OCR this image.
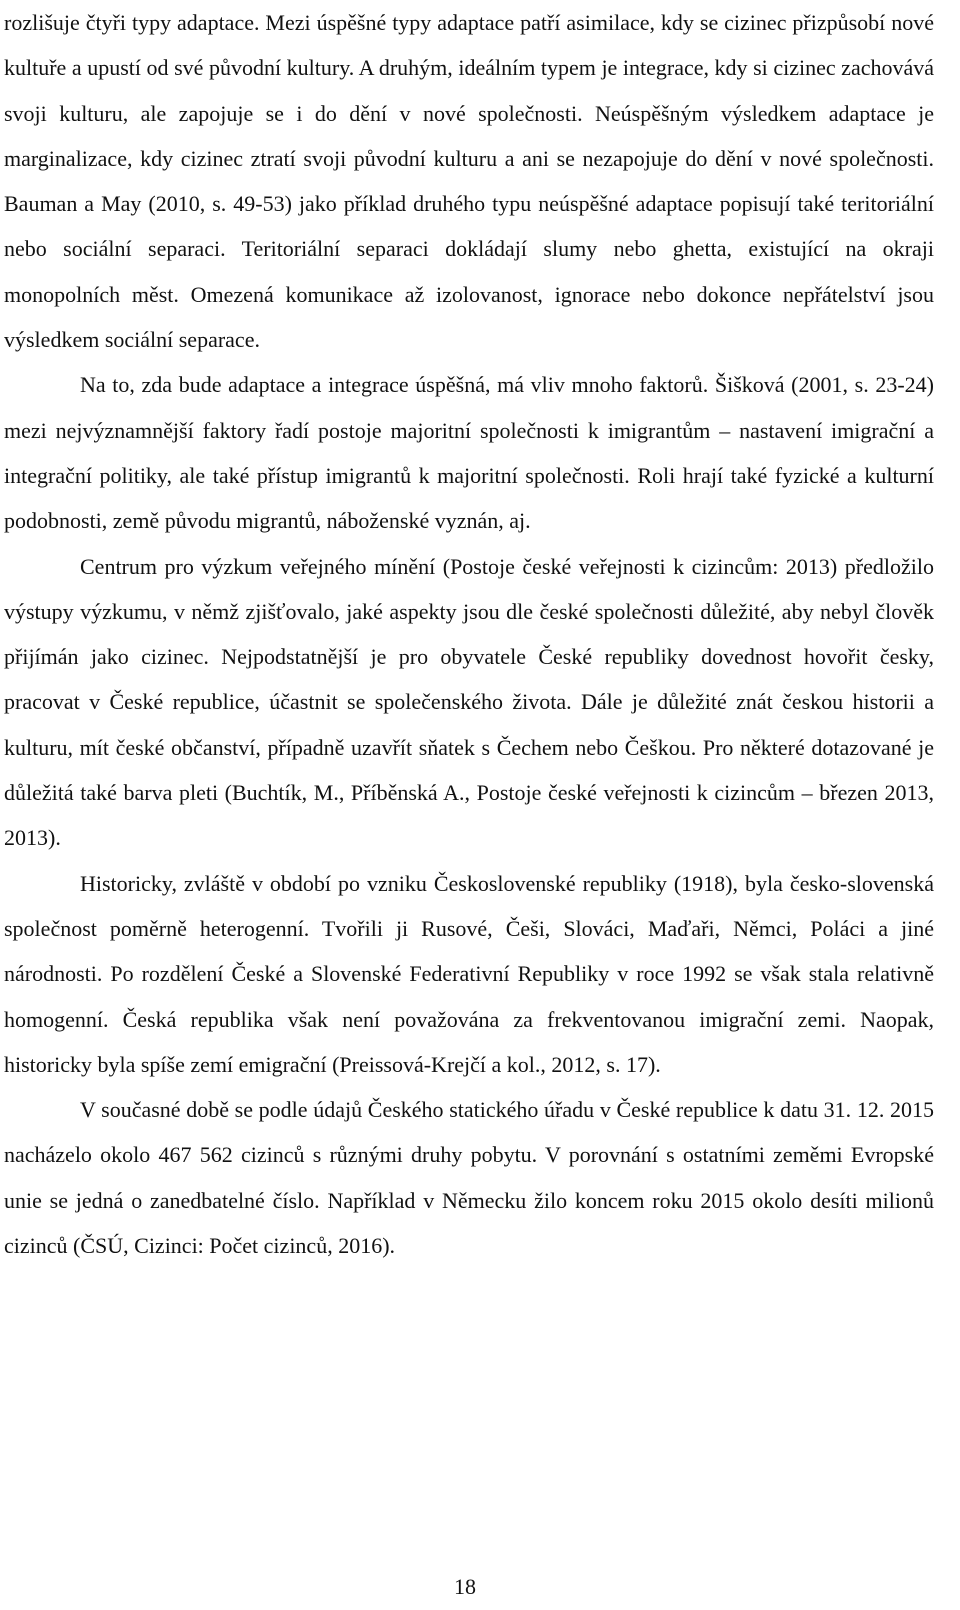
rozlišuje čtyři typy adaptace. Mezi úspěšné typy adaptace patří asimilace, kdy se cizinec přizpůsobí nové kultuře a upustí od své původní kultury. A druhým, ideálním typem je integrace, kdy si cizinec zachovává svoji kulturu, ale zapojuje se i do dění v nové společnosti. Neúspěšným výsledkem adaptace je marginalizace, kdy cizinec ztratí svoji původní kulturu a ani se nezapojuje do dění v nové společnosti. Bauman a May (2010, s. 49-53) jako příklad druhého typu neúspěšné adaptace popisují také teritoriální nebo sociální separaci. Teritoriální separaci dokládají slumy nebo ghetta, existující na okraji monopolních měst. Omezená komunikace až izolovanost, ignorace nebo dokonce nepřátelství jsou výsledkem sociální separace.

Na to, zda bude adaptace a integrace úspěšná, má vliv mnoho faktorů. Šišková (2001, s. 23-24) mezi nejvýznamnější faktory řadí postoje majoritní společnosti k imigrantům – nastavení imigrační a integrační politiky, ale také přístup imigrantů k majoritní společnosti. Roli hrají také fyzické a kulturní podobnosti, země původu migrantů, náboženské vyznán, aj.

Centrum pro výzkum veřejného mínění (Postoje české veřejnosti k cizincům: 2013) předložilo výstupy výzkumu, v němž zjišťovalo, jaké aspekty jsou dle české společnosti důležité, aby nebyl člověk přijímán jako cizinec. Nejpodstatnější je pro obyvatele České republiky dovednost hovořit česky, pracovat v České republice, účastnit se společenského života. Dále je důležité znát českou historii a kulturu, mít české občanství, případně uzavřít sňatek s Čechem nebo Češkou. Pro některé dotazované je důležitá také barva pleti (Buchtík, M., Příběnská A., Postoje české veřejnosti k cizincům – březen 2013, 2013).

Historicky, zvláště v období po vzniku Československé republiky (1918), byla česko-slovenská společnost poměrně heterogenní. Tvořili ji Rusové, Češi, Slováci, Maďaři, Němci, Poláci a jiné národnosti. Po rozdělení České a Slovenské Federativní Republiky v roce 1992 se však stala relativně homogenní. Česká republika však není považována za frekventovanou imigrační zemi. Naopak, historicky byla spíše zemí emigrační (Preissová-Krejčí a kol., 2012, s. 17).

V současné době se podle údajů Českého statického úřadu v České republice k datu 31. 12. 2015 nacházelo okolo 467 562 cizinců s různými druhy pobytu. V porovnání s ostatními zeměmi Evropské unie se jedná o zanedbatelné číslo. Například v Německu žilo koncem roku 2015 okolo desíti milionů cizinců (ČSÚ, Cizinci: Počet cizinců, 2016).

18
